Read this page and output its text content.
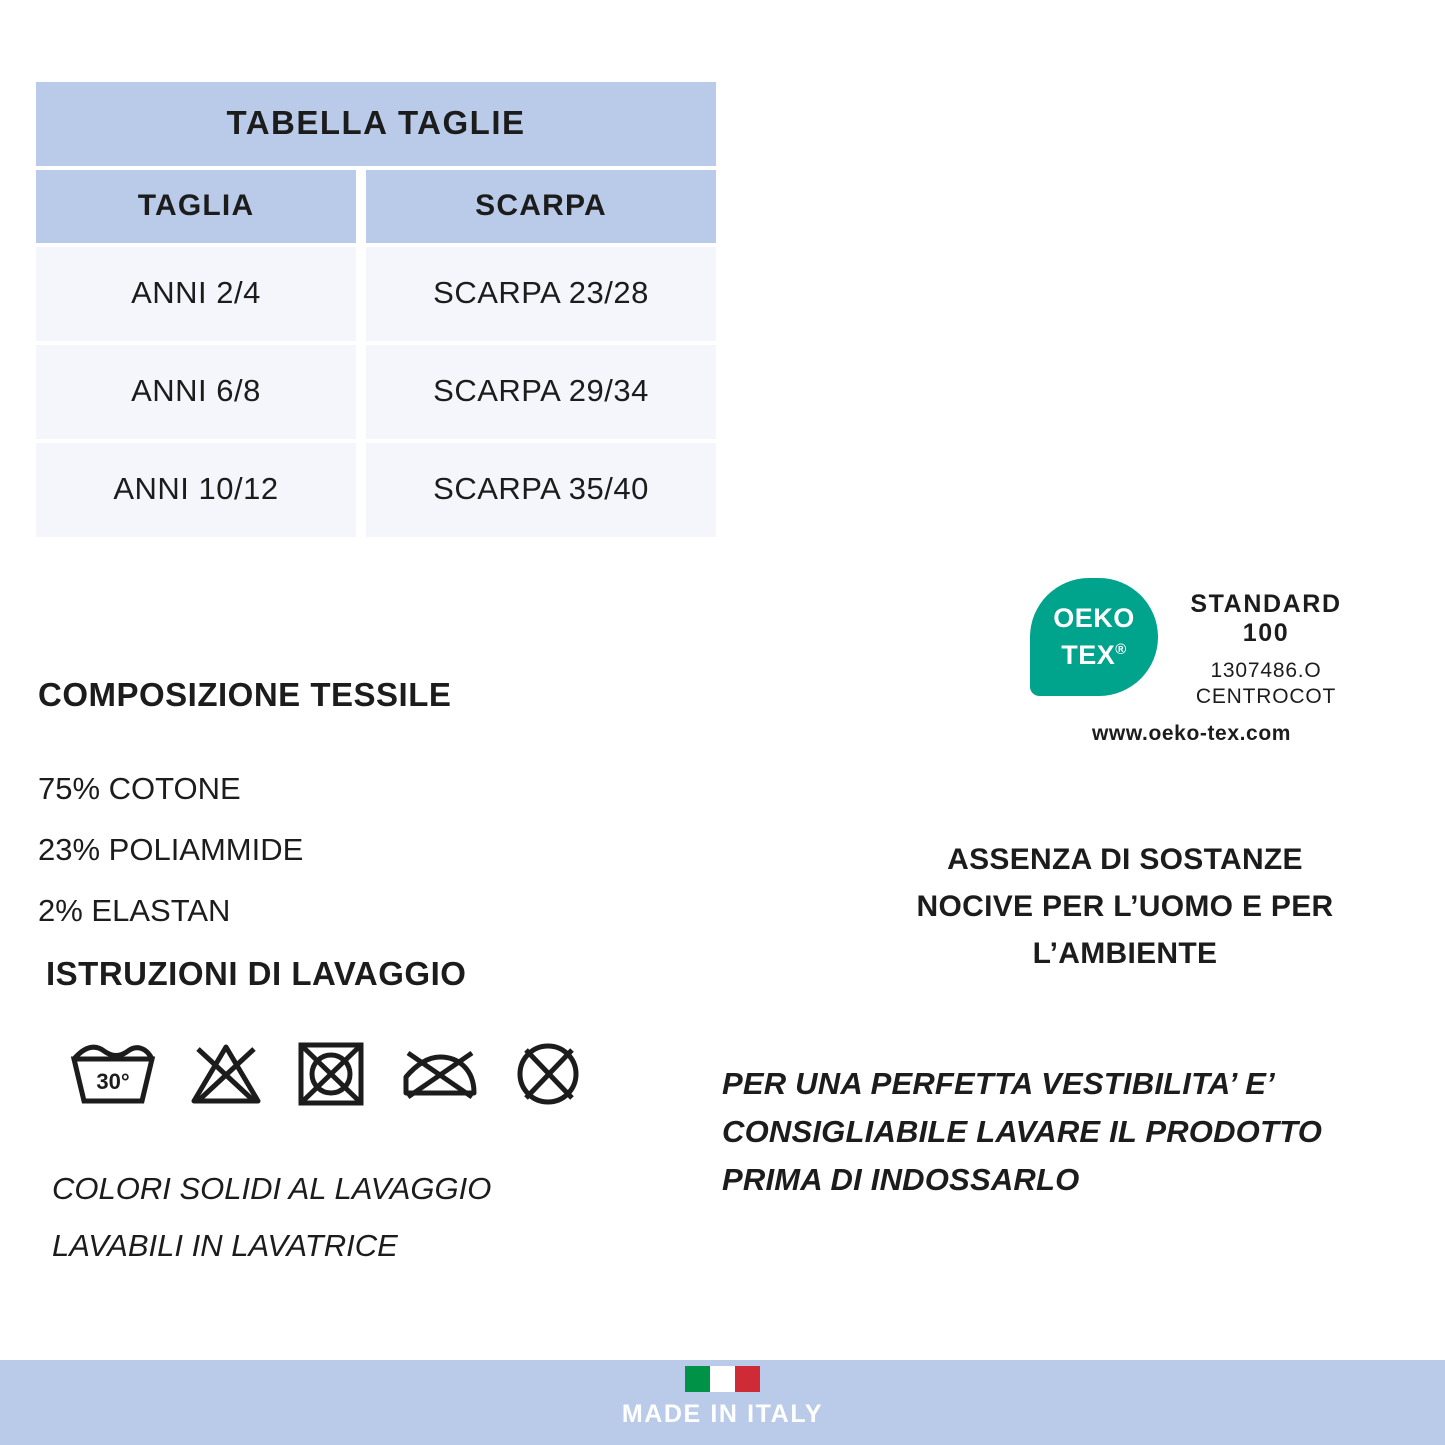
TABELLA TAGLIE		
TAGLIA		SCARPA
ANNI 2/4		SCARPA 23/28
ANNI 6/8		SCARPA 29/34
ANNI 10/12		SCARPA 35/40
COMPOSIZIONE TESSILE
75% COTONE
23% POLIAMMIDE
2% ELASTAN
ISTRUZIONI DI LAVAGGIO
30°
COLORI SOLIDI AL LAVAGGIO
LAVABILI IN LAVATRICE
OEKO
TEX®
STANDARD
100
1307486.O
CENTROCOT
www.oeko-tex.com
ASSENZA DI SOSTANZE NOCIVE PER L’UOMO E PER L’AMBIENTE
PER UNA PERFETTA VESTIBILITA’ E’ CONSIGLIABILE LAVARE IL PRODOTTO PRIMA DI INDOSSARLO
MADE IN ITALY
